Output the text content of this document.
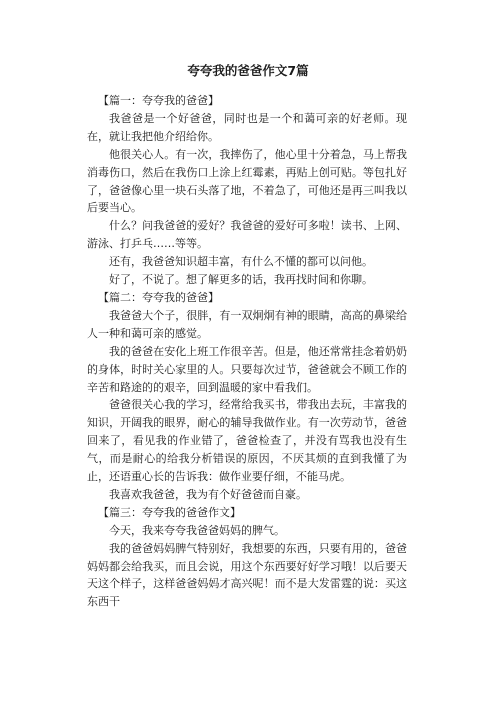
夸夸我的爸爸作文7篇

【篇一：夸夸我的爸爸】

我爸爸是一个好爸爸，同时也是一个和蔼可亲的好老师。现在，就让我把他介绍给你。

他很关心人。有一次，我摔伤了，他心里十分着急，马上帮我消毒伤口，然后在我伤口上涂上红霉素，再贴上创可贴。等包扎好了，爸爸像心里一块石头落了地，不着急了，可他还是再三叫我以后要当心。

什么？问我爸爸的爱好？我爸爸的爱好可多啦！读书、上网、游泳、打乒乓……等等。

还有，我爸爸知识超丰富，有什么不懂的都可以问他。

好了，不说了。想了解更多的话，我再找时间和你聊。

【篇二：夸夸我的爸爸】

我爸爸大个子，很胖，有一双炯炯有神的眼睛，高高的鼻梁给人一种和蔼可亲的感觉。

我的爸爸在安化上班工作很辛苦。但是，他还常常挂念着奶奶的身体，时时关心家里的人。只要每次过节，爸爸就会不顾工作的辛苦和路途的的艰辛，回到温暖的家中看我们。

爸爸很关心我的学习，经常给我买书，带我出去玩，丰富我的知识，开阔我的眼界，耐心的辅导我做作业。有一次劳动节，爸爸回来了，看见我的作业错了，爸爸检查了，并没有骂我也没有生气，而是耐心的给我分析错误的原因，不厌其烦的直到我懂了为止，还语重心长的告诉我：做作业要仔细，不能马虎。

我喜欢我爸爸，我为有个好爸爸而自豪。

【篇三：夸夸我的爸爸作文】

今天，我来夸夸我爸爸妈妈的脾气。

我的爸爸妈妈脾气特别好，我想要的东西，只要有用的，爸爸妈妈都会给我买，而且会说，用这个东西要好好学习哦！以后要天天这个样子，这样爸爸妈妈才高兴呢！而不是大发雷霆的说：买这东西干
